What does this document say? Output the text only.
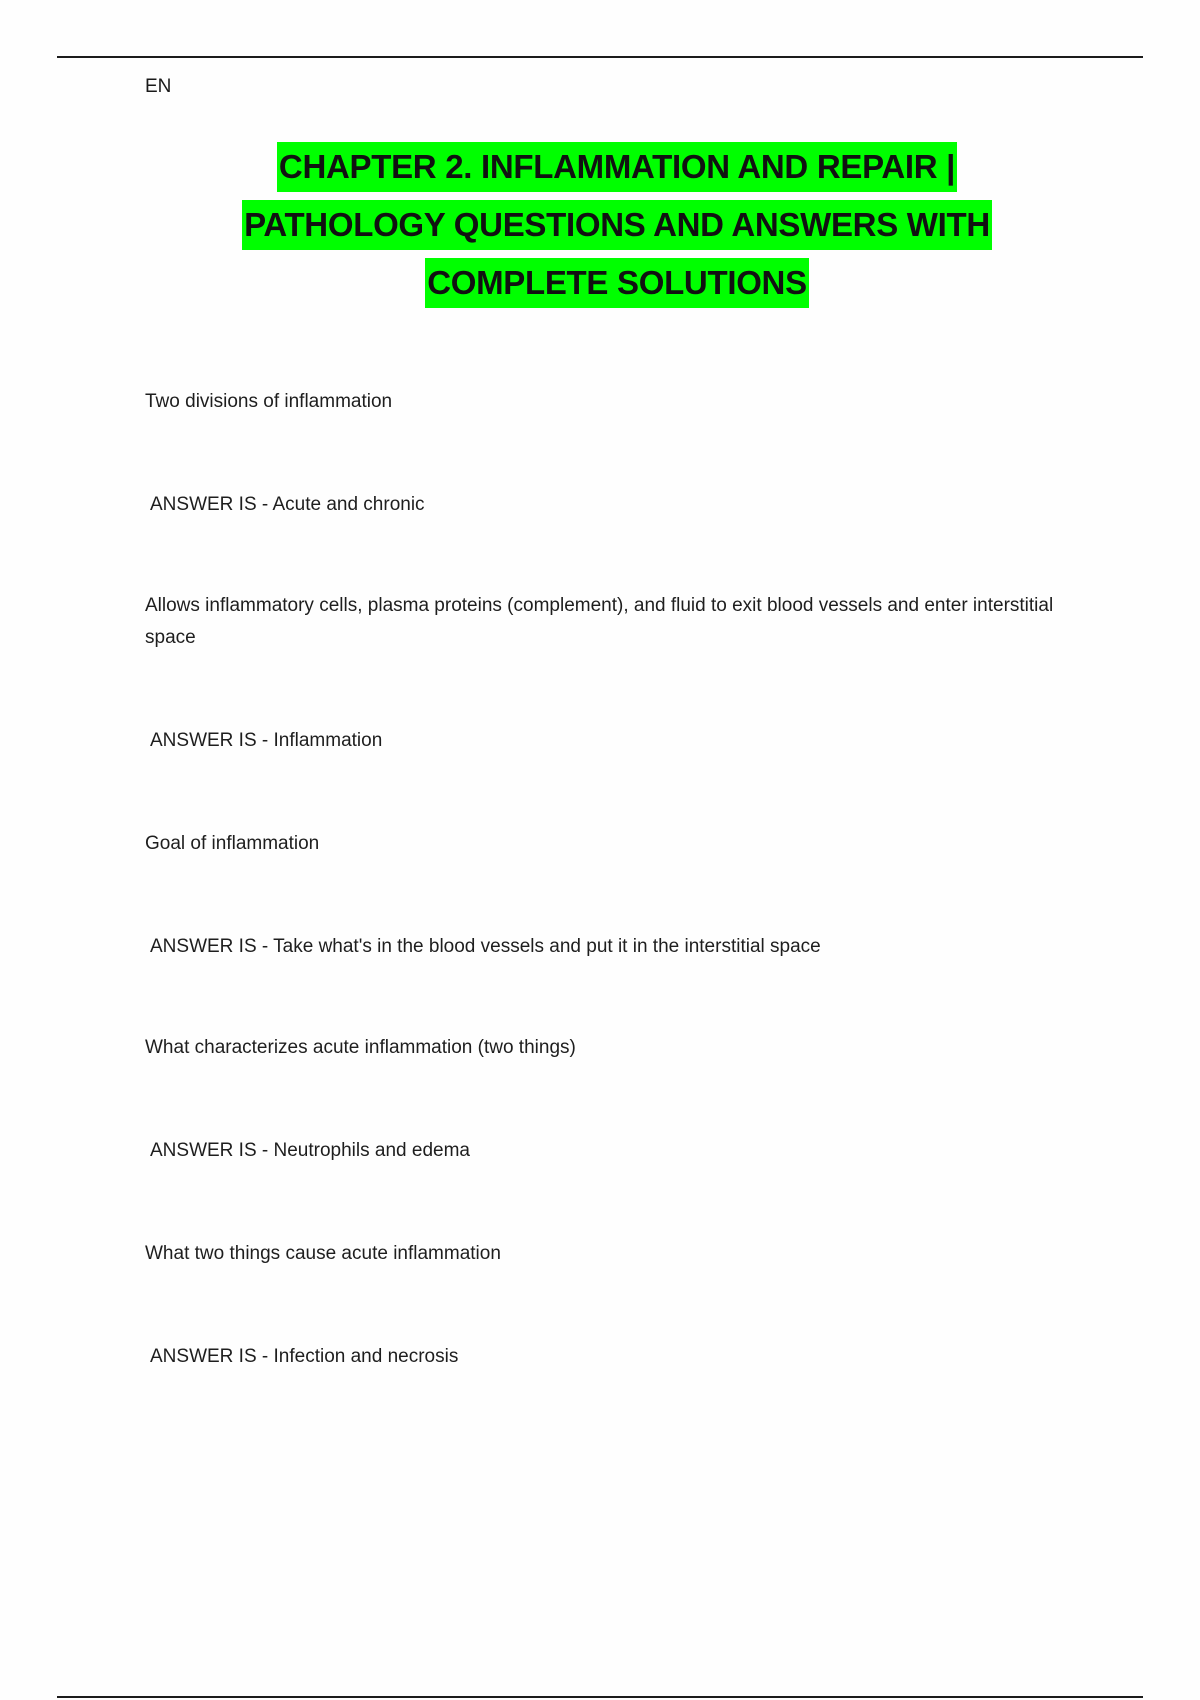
EN
CHAPTER 2. INFLAMMATION AND REPAIR |
PATHOLOGY QUESTIONS AND ANSWERS WITH
COMPLETE SOLUTIONS
Two divisions of inflammation
ANSWER IS - Acute and chronic
Allows inflammatory cells, plasma proteins (complement), and fluid to exit blood vessels and enter interstitial space
ANSWER IS - Inflammation
Goal of inflammation
ANSWER IS - Take what's in the blood vessels and put it in the interstitial space
What characterizes acute inflammation (two things)
ANSWER IS - Neutrophils and edema
What two things cause acute inflammation
ANSWER IS - Infection and necrosis
